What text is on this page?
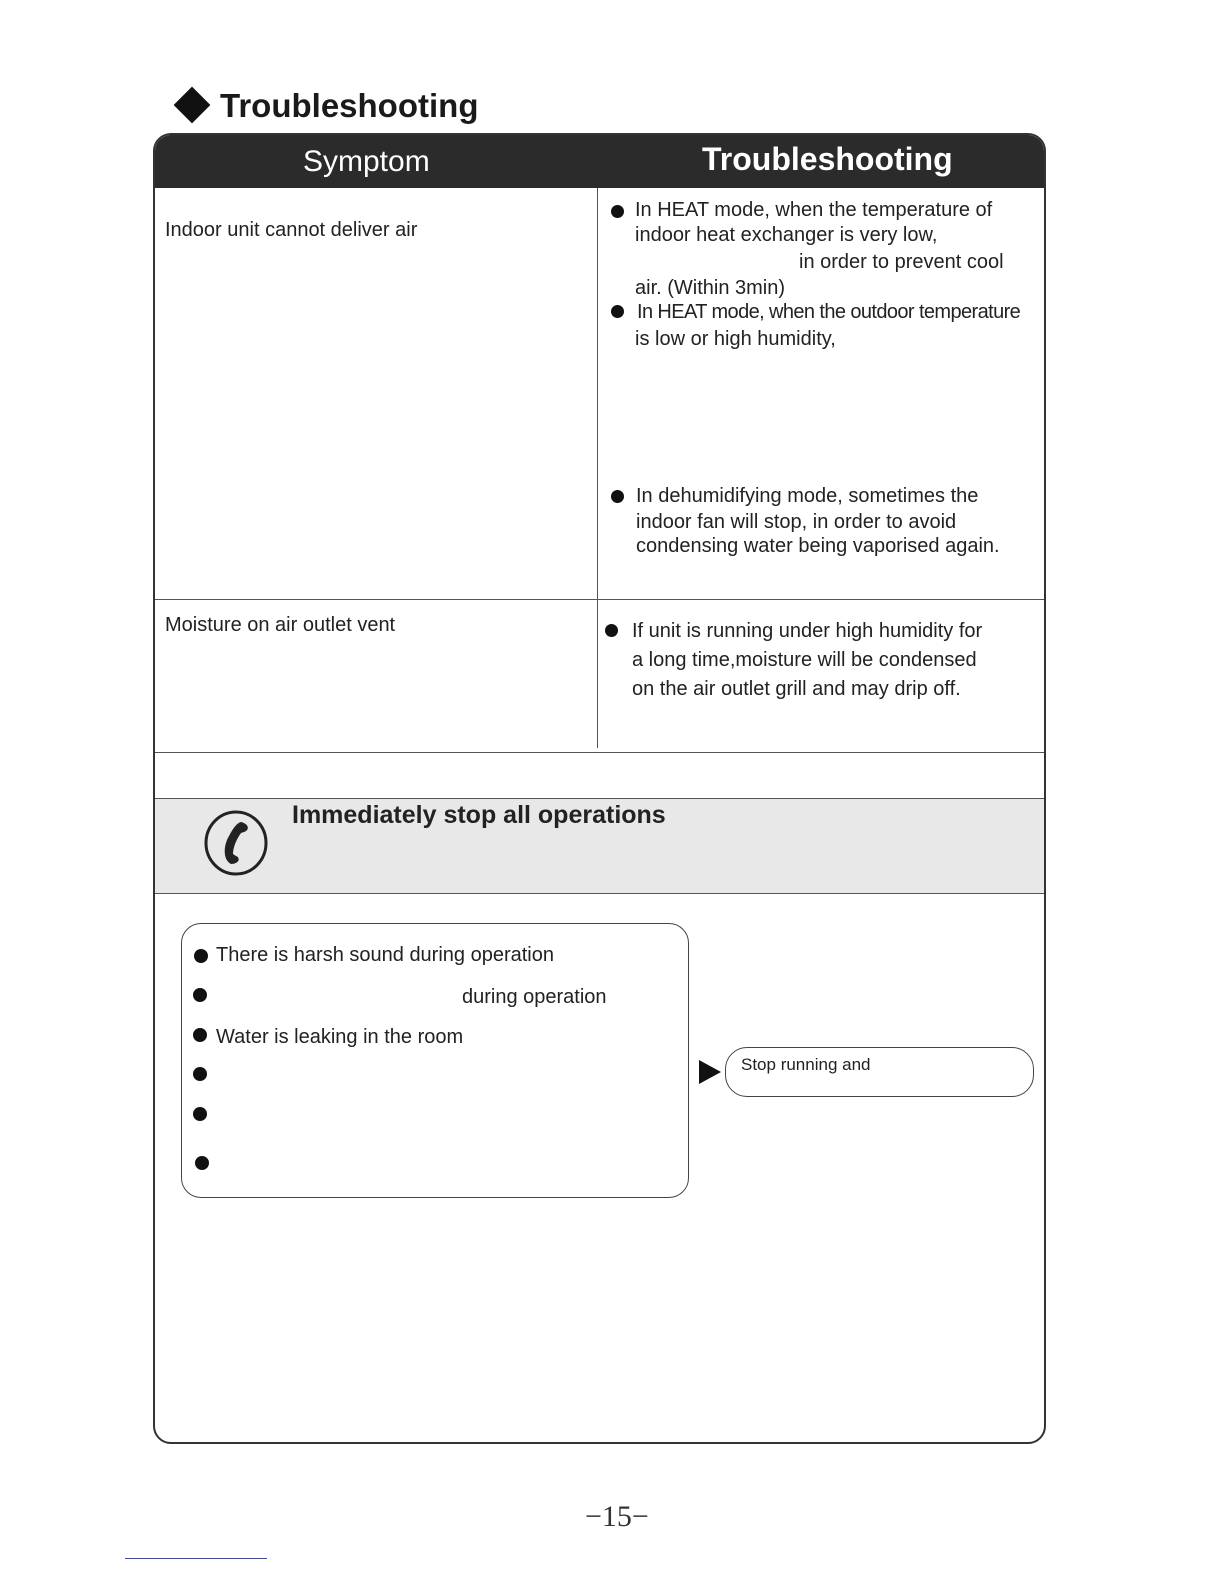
Troubleshooting
Symptom	Troubleshooting
Indoor unit cannot deliver air
In HEAT mode, when the temperature of
indoor heat exchanger is very low,
in order to prevent cool
air. (Within 3min)
In HEAT mode, when the outdoor temperature
is low or high humidity,
In dehumidifying mode, sometimes the
indoor fan will stop, in order to avoid
condensing water being vaporised again.
Moisture on air outlet vent	If unit is running under high humidity for
a long time,moisture will be condensed
on the air outlet grill and may drip off.
Immediately stop all operations
There is harsh sound during operation
during operation
Water is leaking in the room
Stop running and
−15−
